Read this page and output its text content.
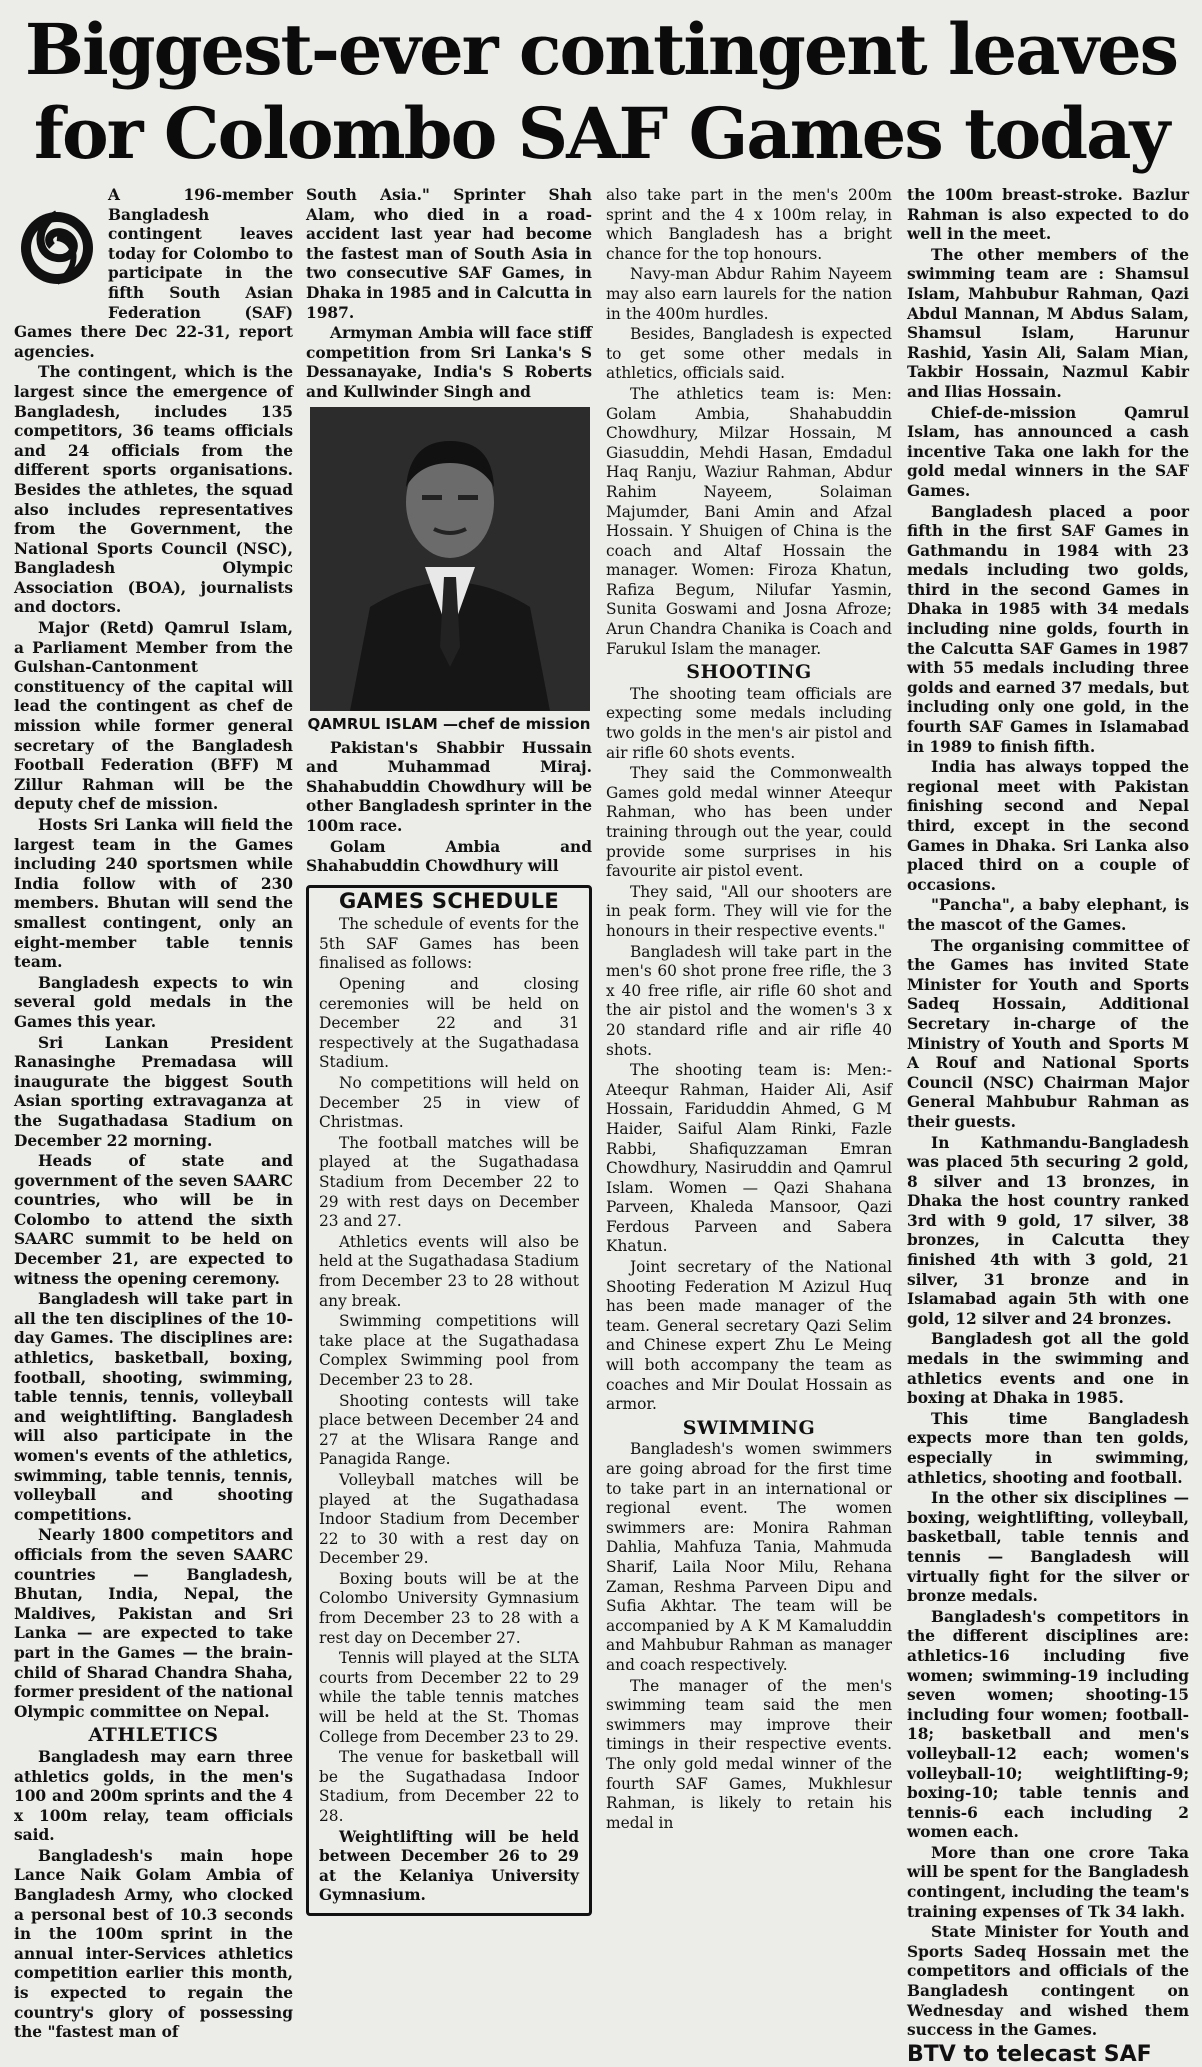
Biggest-ever contingent leaves
for Colombo SAF Games today

A 196-member Bangladesh contingent leaves today for Colombo to participate in the fifth South Asian Federation (SAF) Games there Dec 22-31, report agencies.

The contingent, which is the largest since the emergence of Bangladesh, includes 135 competitors, 36 teams officials and 24 officials from the different sports organisations. Besides the athletes, the squad also includes representatives from the Government, the National Sports Council (NSC), Bangladesh Olympic Association (BOA), journalists and doctors.

Major (Retd) Qamrul Islam, a Parliament Member from the Gulshan-Cantonment constituency of the capital will lead the contingent as chef de mission while former general secretary of the Bangladesh Football Federation (BFF) M Zillur Rahman will be the deputy chef de mission.

Hosts Sri Lanka will field the largest team in the Games including 240 sportsmen while India follow with of 230 members. Bhutan will send the smallest contingent, only an eight-member table tennis team.

Bangladesh expects to win several gold medals in the Games this year.

Sri Lankan President Ranasinghe Premadasa will inaugurate the biggest South Asian sporting extravaganza at the Sugathadasa Stadium on December 22 morning.

Heads of state and government of the seven SAARC countries, who will be in Colombo to attend the sixth SAARC summit to be held on December 21, are expected to witness the opening ceremony.

Bangladesh will take part in all the ten disciplines of the 10-day Games. The disciplines are: athletics, basketball, boxing, football, shooting, swimming, table tennis, tennis, volleyball and weightlifting. Bangladesh will also participate in the women's events of the athletics, swimming, table tennis, tennis, volleyball and shooting competitions.

Nearly 1800 competitors and officials from the seven SAARC countries — Bangladesh, Bhutan, India, Nepal, the Maldives, Pakistan and Sri Lanka — are expected to take part in the Games — the brain-child of Sharad Chandra Shaha, former president of the national Olympic committee on Nepal.

ATHLETICS

Bangladesh may earn three athletics golds, in the men's 100 and 200m sprints and the 4 x 100m relay, team officials said.

Bangladesh's main hope Lance Naik Golam Ambia of Bangladesh Army, who clocked a personal best of 10.3 seconds in the 100m sprint in the annual inter-Services athletics competition earlier this month, is expected to regain the country's glory of possessing the "fastest man of

South Asia." Sprinter Shah Alam, who died in a road-accident last year had become the fastest man of South Asia in two consecutive SAF Games, in Dhaka in 1985 and in Calcutta in 1987.

Armyman Ambia will face stiff competition from Sri Lanka's S Dessanayake, India's S Roberts and Kullwinder Singh and

QAMRUL ISLAM —chef de mission

Pakistan's Shabbir Hussain and Muhammad Miraj. Shahabuddin Chowdhury will be other Bangladesh sprinter in the 100m race.

Golam Ambia and Shahabuddin Chowdhury will

GAMES SCHEDULE

The schedule of events for the 5th SAF Games has been finalised as follows:

Opening and closing ceremonies will be held on December 22 and 31 respectively at the Sugathadasa Stadium.

No competitions will held on December 25 in view of Christmas.

The football matches will be played at the Sugathadasa Stadium from December 22 to 29 with rest days on December 23 and 27.

Athletics events will also be held at the Sugathadasa Stadium from December 23 to 28 without any break.

Swimming competitions will take place at the Sugathadasa Complex Swimming pool from December 23 to 28.

Shooting contests will take place between December 24 and 27 at the Wlisara Range and Panagida Range.

Volleyball matches will be played at the Sugathadasa Indoor Stadium from December 22 to 30 with a rest day on December 29.

Boxing bouts will be at the Colombo University Gymnasium from December 23 to 28 with a rest day on December 27.

Tennis will played at the SLTA courts from December 22 to 29 while the table tennis matches will be held at the St. Thomas College from December 23 to 29.

The venue for basketball will be the Sugathadasa Indoor Stadium, from December 22 to 28.

Weightlifting will be held between December 26 to 29 at the Kelaniya University Gymnasium.

also take part in the men's 200m sprint and the 4 x 100m relay, in which Bangladesh has a bright chance for the top honours.

Navy-man Abdur Rahim Nayeem may also earn laurels for the nation in the 400m hurdles.

Besides, Bangladesh is expected to get some other medals in athletics, officials said.

The athletics team is: Men: Golam Ambia, Shahabuddin Chowdhury, Milzar Hossain, M Giasuddin, Mehdi Hasan, Emdadul Haq Ranju, Waziur Rahman, Abdur Rahim Nayeem, Solaiman Majumder, Bani Amin and Afzal Hossain. Y Shuigen of China is the coach and Altaf Hossain the manager. Women: Firoza Khatun, Rafiza Begum, Nilufar Yasmin, Sunita Goswami and Josna Afroze; Arun Chandra Chanika is Coach and Farukul Islam the manager.

SHOOTING

The shooting team officials are expecting some medals including two golds in the men's air pistol and air rifle 60 shots events.

They said the Commonwealth Games gold medal winner Ateequr Rahman, who has been under training through out the year, could provide some surprises in his favourite air pistol event.

They said, "All our shooters are in peak form. They will vie for the honours in their respective events."

Bangladesh will take part in the men's 60 shot prone free rifle, the 3 x 40 free rifle, air rifle 60 shot and the air pistol and the women's 3 x 20 standard rifle and air rifle 40 shots.

The shooting team is: Men:- Ateequr Rahman, Haider Ali, Asif Hossain, Fariduddin Ahmed, G M Haider, Saiful Alam Rinki, Fazle Rabbi, Shafiquzzaman Emran Chowdhury, Nasiruddin and Qamrul Islam. Women — Qazi Shahana Parveen, Khaleda Mansoor, Qazi Ferdous Parveen and Sabera Khatun.

Joint secretary of the National Shooting Federation M Azizul Huq has been made manager of the team. General secretary Qazi Selim and Chinese expert Zhu Le Meing will both accompany the team as coaches and Mir Doulat Hossain as armor.

SWIMMING

Bangladesh's women swimmers are going abroad for the first time to take part in an international or regional event. The women swimmers are: Monira Rahman Dahlia, Mahfuza Tania, Mahmuda Sharif, Laila Noor Milu, Rehana Zaman, Reshma Parveen Dipu and Sufia Akhtar. The team will be accompanied by A K M Kamaluddin and Mahbubur Rahman as manager and coach respectively.

The manager of the men's swimming team said the men swimmers may improve their timings in their respective events. The only gold medal winner of the fourth SAF Games, Mukhlesur Rahman, is likely to retain his medal in

the 100m breast-stroke. Bazlur Rahman is also expected to do well in the meet.

The other members of the swimming team are : Shamsul Islam, Mahbubur Rahman, Qazi Abdul Mannan, M Abdus Salam, Shamsul Islam, Harunur Rashid, Yasin Ali, Salam Mian, Takbir Hossain, Nazmul Kabir and Ilias Hossain.

Chief-de-mission Qamrul Islam, has announced a cash incentive Taka one lakh for the gold medal winners in the SAF Games.

Bangladesh placed a poor fifth in the first SAF Games in Gathmandu in 1984 with 23 medals including two golds, third in the second Games in Dhaka in 1985 with 34 medals including nine golds, fourth in the Calcutta SAF Games in 1987 with 55 medals including three golds and earned 37 medals, but including only one gold, in the fourth SAF Games in Islamabad in 1989 to finish fifth.

India has always topped the regional meet with Pakistan finishing second and Nepal third, except in the second Games in Dhaka. Sri Lanka also placed third on a couple of occasions.

"Pancha", a baby elephant, is the mascot of the Games.

The organising committee of the Games has invited State Minister for Youth and Sports Sadeq Hossain, Additional Secretary in-charge of the Ministry of Youth and Sports M A Rouf and National Sports Council (NSC) Chairman Major General Mahbubur Rahman as their guests.

In Kathmandu-Bangladesh was placed 5th securing 2 gold, 8 silver and 13 bronzes, in Dhaka the host country ranked 3rd with 9 gold, 17 silver, 38 bronzes, in Calcutta they finished 4th with 3 gold, 21 silver, 31 bronze and in Islamabad again 5th with one gold, 12 silver and 24 bronzes.

Bangladesh got all the gold medals in the swimming and athletics events and one in boxing at Dhaka in 1985.

This time Bangladesh expects more than ten golds, especially in swimming, athletics, shooting and football.

In the other six disciplines — boxing, weightlifting, volleyball, basketball, table tennis and tennis — Bangladesh will virtually fight for the silver or bronze medals.

Bangladesh's competitors in the different disciplines are: athletics-16 including five women; swimming-19 including seven women; shooting-15 including four women; football-18; basketball and men's volleyball-12 each; women's volleyball-10; weightlifting-9; boxing-10; table tennis and tennis-6 each including 2 women each.

More than one crore Taka will be spent for the Bangladesh contingent, including the team's training expenses of Tk 34 lakh.

State Minister for Youth and Sports Sadeq Hossain met the competitors and officials of the Bangladesh contingent on Wednesday and wished them success in the Games.

BTV to telecast SAF
